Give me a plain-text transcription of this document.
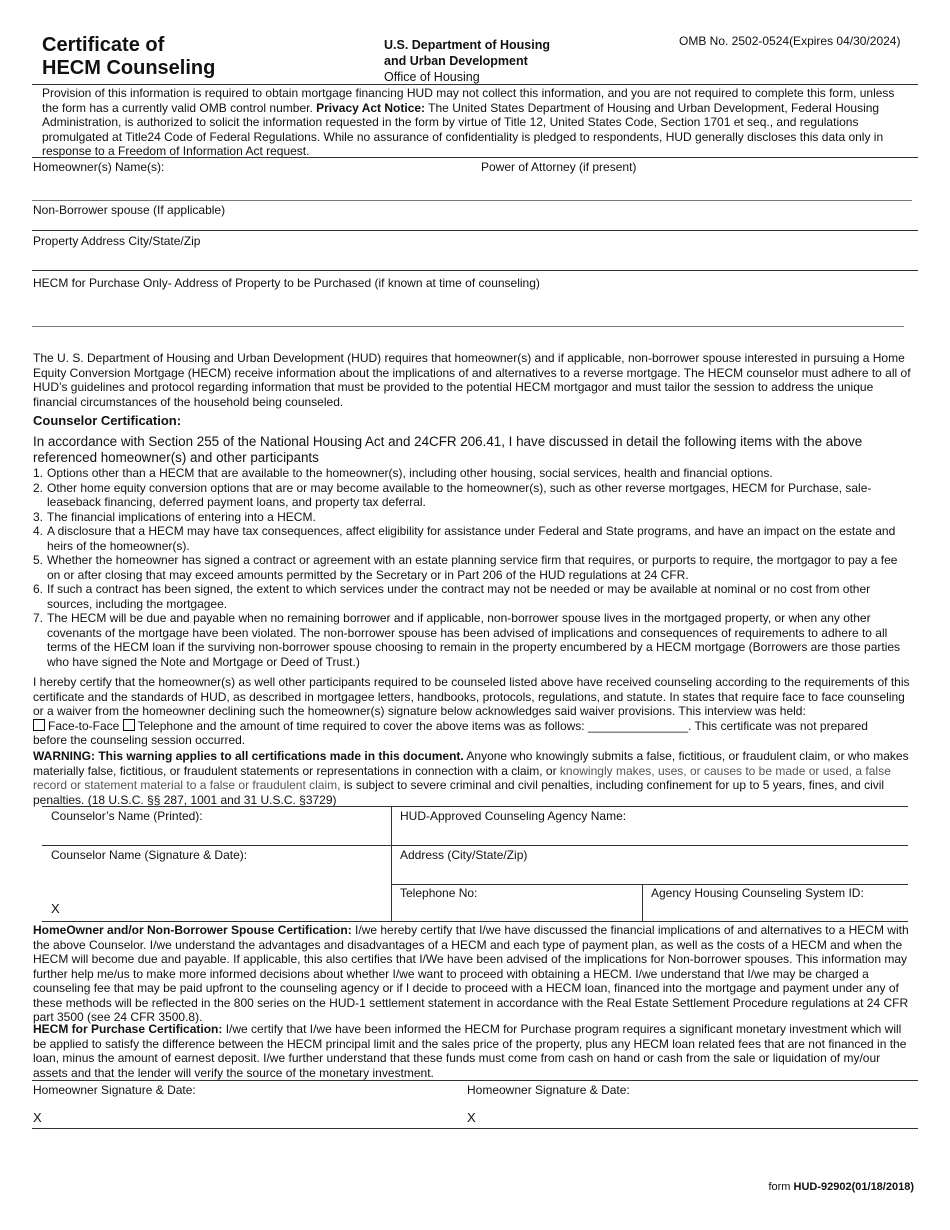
Certificate of
HECM Counseling
U.S. Department of Housing
and Urban Development
Office of Housing
OMB No. 2502-0524(Expires 04/30/2024)
Provision of this information is required to obtain mortgage financing HUD may not collect this information, and you are not required to complete this form, unless the form has a currently valid OMB control number. Privacy Act Notice: The United States Department of Housing and Urban Development, Federal Housing Administration, is authorized to solicit the information requested in the form by virtue of Title 12, United States Code, Section 1701 et seq., and regulations promulgated at Title24 Code of Federal Regulations. While no assurance of confidentiality is pledged to respondents, HUD generally discloses this data only in response to a Freedom of Information Act request.
Homeowner(s) Name(s):	Power of Attorney (if present)
Non-Borrower spouse (If applicable)
Property Address City/State/Zip
HECM for Purchase Only- Address of Property to be Purchased (if known at time of counseling)
The U. S. Department of Housing and Urban Development (HUD) requires that homeowner(s) and if applicable, non-borrower spouse interested in pursuing a Home Equity Conversion Mortgage (HECM) receive information about the implications of and alternatives to a reverse mortgage. The HECM counselor must adhere to all of HUD’s guidelines and protocol regarding information that must be provided to the potential HECM mortgagor and must tailor the session to address the unique financial circumstances of the household being counseled.
Counselor Certification:
In accordance with Section 255 of the National Housing Act and 24CFR 206.41, I have discussed in detail the following items with the above referenced homeowner(s) and other participants
1. Options other than a HECM that are available to the homeowner(s), including other housing, social services, health and financial options.
2. Other home equity conversion options that are or may become available to the homeowner(s), such as other reverse mortgages, HECM for Purchase, sale-leaseback financing, deferred payment loans, and property tax deferral.
3. The financial implications of entering into a HECM.
4. A disclosure that a HECM may have tax consequences, affect eligibility for assistance under Federal and State programs, and have an impact on the estate and heirs of the homeowner(s).
5. Whether the homeowner has signed a contract or agreement with an estate planning service firm that requires, or purports to require, the mortgagor to pay a fee on or after closing that may exceed amounts permitted by the Secretary or in Part 206 of the HUD regulations at 24 CFR.
6. If such a contract has been signed, the extent to which services under the contract may not be needed or may be available at nominal or no cost from other sources, including the mortgagee.
7. The HECM will be due and payable when no remaining borrower and if applicable, non-borrower spouse lives in the mortgaged property, or when any other covenants of the mortgage have been violated. The non-borrower spouse has been advised of implications and consequences of requirements to adhere to all terms of the HECM loan if the surviving non-borrower spouse choosing to remain in the property encumbered by a HECM mortgage (Borrowers are those parties who have signed the Note and Mortgage or Deed of Trust.)
I hereby certify that the homeowner(s) as well other participants required to be counseled listed above have received counseling according to the requirements of this certificate and the standards of HUD, as described in mortgagee letters, handbooks, protocols, regulations, and statute. In states that require face to face counseling or a waiver from the homeowner declining such the homeowner(s) signature below acknowledges said waiver provisions. This interview was held:
Face-to-Face Telephone and the amount of time required to cover the above items was as follows: _______________. This certificate was not prepared
before the counseling session occurred.
WARNING: This warning applies to all certifications made in this document. Anyone who knowingly submits a false, fictitious, or fraudulent claim, or who makes materially false, fictitious, or fraudulent statements or representations in connection with a claim, or knowingly makes, uses, or causes to be made or used, a false record or statement material to a false or fraudulent claim, is subject to severe criminal and civil penalties, including confinement for up to 5 years, fines, and civil penalties. (18 U.S.C. §§ 287, 1001 and 31 U.S.C. §3729)
Counselor’s Name (Printed):	HUD-Approved Counseling Agency Name:
Counselor Name (Signature & Date):	Address (City/State/Zip)
Telephone No:	Agency Housing Counseling System ID:
X
HomeOwner and/or Non-Borrower Spouse Certification: I/we hereby certify that I/we have discussed the financial implications of and alternatives to a HECM with the above Counselor. I/we understand the advantages and disadvantages of a HECM and each type of payment plan, as well as the costs of a HECM and when the HECM will become due and payable. If applicable, this also certifies that I/We have been advised of the implications for Non-borrower spouses. This information may further help me/us to make more informed decisions about whether I/we want to proceed with obtaining a HECM. I/we understand that I/we may be charged a counseling fee that may be paid upfront to the counseling agency or if I decide to proceed with a HECM loan, financed into the mortgage and payment under any of these methods will be reflected in the 800 series on the HUD-1 settlement statement in accordance with the Real Estate Settlement Procedure regulations at 24 CFR part 3500 (see 24 CFR 3500.8).
HECM for Purchase Certification: I/we certify that I/we have been informed the HECM for Purchase program requires a significant monetary investment which will be applied to satisfy the difference between the HECM principal limit and the sales price of the property, plus any HECM loan related fees that are not financed in the loan, minus the amount of earnest deposit. I/we further understand that these funds must come from cash on hand or cash from the sale or liquidation of my/our assets and that the lender will verify the source of the monetary investment.
Homeowner Signature & Date:	Homeowner Signature & Date:
X	X
form HUD-92902(01/18/2018)
